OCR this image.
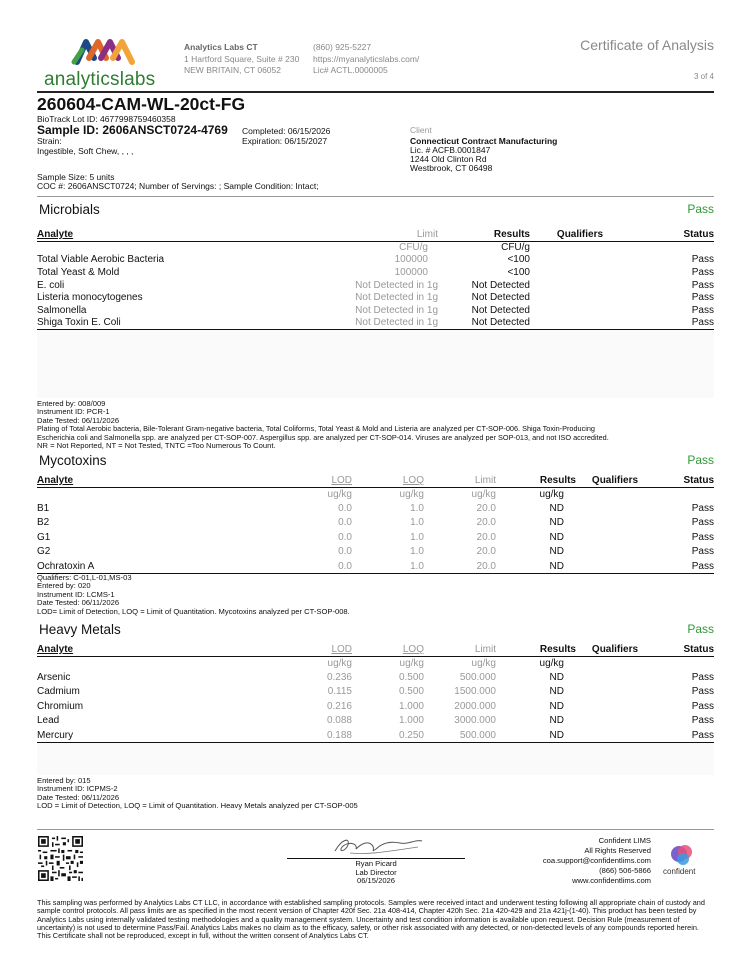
analyticslabs
Analytics Labs CT
1 Hartford Square, Suite # 230
NEW BRITAIN, CT 06052
(860) 925-5227
https://myanalyticslabs.com/
Lic# ACTL.0000005
Certificate of Analysis
3 of 4
260604-CAM-WL-20ct-FG
BioTrack Lot ID: 4677998759460358
Sample ID: 2606ANSCT0724-4769
Strain:
Ingestible, Soft Chew, , , ,
Completed: 06/15/2026
Expiration: 06/15/2027
Client
Connecticut Contract Manufacturing
Lic. # ACFB.0001847
1244 Old Clinton Rd
Westbrook, CT 06498
Sample Size: 5 units
COC #: 2606ANSCT0724; Number of Servings: ; Sample Condition: Intact;
Microbials	Pass
Analyte	Limit	Results	Qualifiers	Status
	CFU/g	CFU/g		
Total Viable Aerobic Bacteria	100000	<100		Pass
Total Yeast & Mold	100000	<100		Pass
E. coli	Not Detected in 1g	Not Detected		Pass
Listeria monocytogenes	Not Detected in 1g	Not Detected		Pass
Salmonella	Not Detected in 1g	Not Detected		Pass
Shiga Toxin E. Coli	Not Detected in 1g	Not Detected		Pass
Entered by: 008/009
Instrument ID: PCR-1
Date Tested: 06/11/2026
Plating of Total Aerobic bacteria, Bile-Tolerant Gram-negative bacteria, Total Coliforms, Total Yeast & Mold and Listeria are analyzed per CT-SOP-006. Shiga Toxin-Producing
Escherichia coli and Salmonella spp. are analyzed per CT-SOP-007. Aspergillus spp. are analyzed per CT-SOP-014. Viruses are analyzed per SOP-013, and not ISO accredited.
NR = Not Reported, NT = Not Tested, TNTC =Too Numerous To Count.
Mycotoxins	Pass
Analyte	LOD	LOQ	Limit	Results	Qualifiers	Status
	ug/kg	ug/kg	ug/kg	ug/kg		
B1	0.0	1.0	20.0	ND		Pass
B2	0.0	1.0	20.0	ND		Pass
G1	0.0	1.0	20.0	ND		Pass
G2	0.0	1.0	20.0	ND		Pass
Ochratoxin A	0.0	1.0	20.0	ND		Pass
Qualifiers: C-01,L-01,MS-03
Entered by: 020
Instrument ID: LCMS-1
Date Tested: 06/11/2026
LOD= Limit of Detection, LOQ = Limit of Quantitation. Mycotoxins analyzed per CT-SOP-008.
Heavy Metals	Pass
Analyte	LOD	LOQ	Limit	Results	Qualifiers	Status
	ug/kg	ug/kg	ug/kg	ug/kg		
Arsenic	0.236	0.500	500.000	ND		Pass
Cadmium	0.115	0.500	1500.000	ND		Pass
Chromium	0.216	1.000	2000.000	ND		Pass
Lead	0.088	1.000	3000.000	ND		Pass
Mercury	0.188	0.250	500.000	ND		Pass
Entered by: 015
Instrument ID: ICPMS-2
Date Tested: 06/11/2026
LOD = Limit of Detection, LOQ = Limit of Quantitation. Heavy Metals analyzed per CT-SOP-005
Ryan Picard
Lab Director
06/15/2026
Confident LIMS
All Rights Reserved
coa.support@confidentlims.com
(866) 506-5866
www.confidentlims.com
confident
This sampling was performed by Analytics Labs CT LLC, in accordance with established sampling protocols. Samples were received intact and underwent testing following all appropriate chain of custody and sample control protocols. All pass limits are as specified in the most recent version of Chapter 420f Sec. 21a 408-414, Chapter 420h Sec. 21a 420-429 and 21a 421j-(1-40). This product has been tested by Analytics Labs using internally validated testing methodologies and a quality management system. Uncertainty and test condition information is available upon request. Decision Rule (measurement of uncertainty) is not used to determine Pass/Fail. Analytics Labs makes no claim as to the efficacy, safety, or other risk associated with any detected, or non-detected levels of any compounds reported herein. This Certificate shall not be reproduced, except in full, without the written consent of Analytics Labs CT.
